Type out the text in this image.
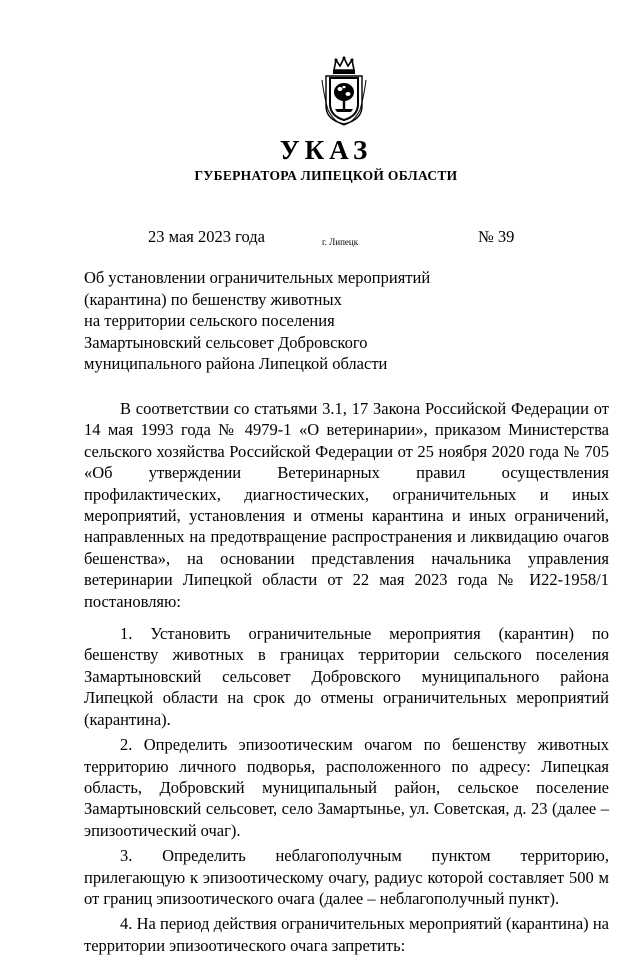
УКАЗ
ГУБЕРНАТОРА ЛИПЕЦКОЙ ОБЛАСТИ
23 мая 2023 года	г. Липецк	№ 39
Об установлении ограничительных мероприятий
(карантина) по бешенству животных
на территории сельского поселения
Замартыновский сельсовет Добровского
муниципального района Липецкой области

В соответствии со статьями 3.1, 17 Закона Российской Федерации от 14 мая 1993 года № 4979-1 «О ветеринарии», приказом Министерства сельского хозяйства Российской Федерации от 25 ноября 2020 года № 705 «Об утверждении Ветеринарных правил осуществления профилактических, диагностических, ограничительных и иных мероприятий, установления и отмены карантина и иных ограничений, направленных на предотвращение распространения и ликвидацию очагов бешенства», на основании представления начальника управления ветеринарии Липецкой области от 22 мая 2023 года № И22-1958/1 постановляю:

1. Установить ограничительные мероприятия (карантин) по бешенству животных в границах территории сельского поселения Замартыновский сельсовет Добровского муниципального района Липецкой области на срок до отмены ограничительных мероприятий (карантина).

2. Определить эпизоотическим очагом по бешенству животных территорию личного подворья, расположенного по адресу: Липецкая область, Добровский муниципальный район, сельское поселение Замартыновский сельсовет, село Замартынье, ул. Советская, д. 23 (далее – эпизоотический очаг).

3. Определить неблагополучным пунктом территорию, прилегающую к эпизоотическому очагу, радиус которой составляет 500 м от границ эпизоотического очага (далее – неблагополучный пункт).

4. На период действия ограничительных мероприятий (карантина) на территории эпизоотического очага запретить:
